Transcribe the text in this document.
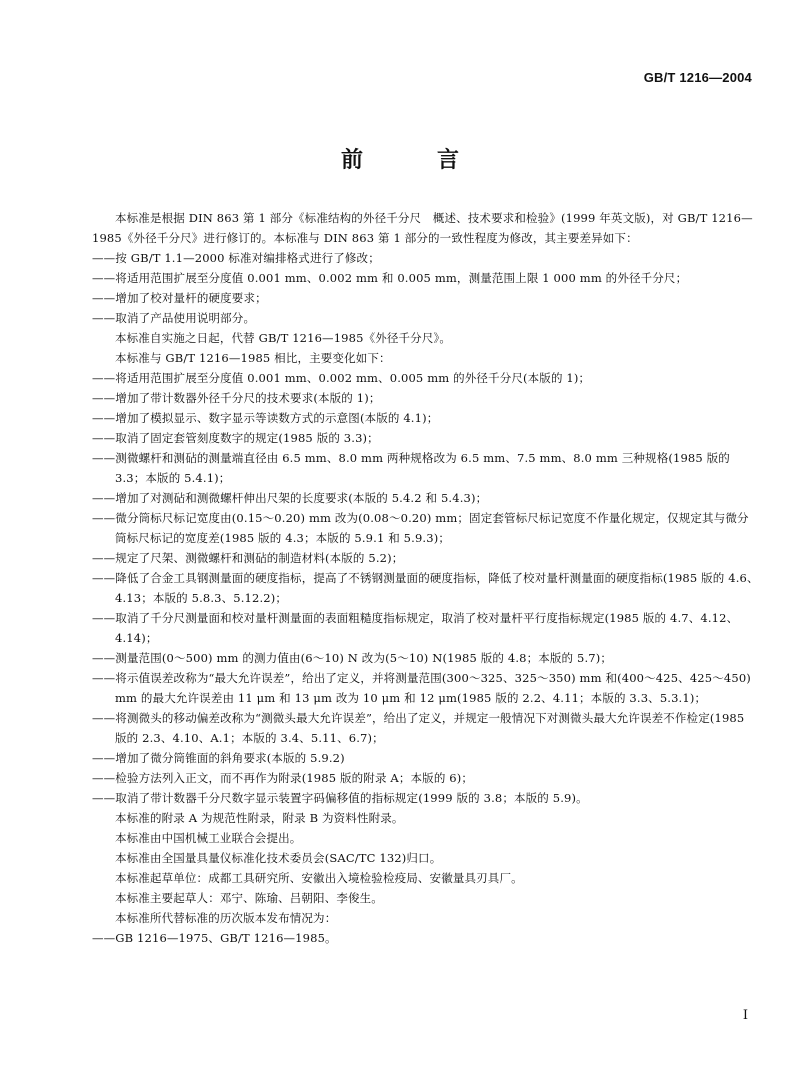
GB/T 1216—2004
前　言

本标准是根据 DIN 863 第 1 部分《标准结构的外径千分尺　概述、技术要求和检验》(1999 年英文版)，对 GB/T 1216—1985《外径千分尺》进行修订的。本标准与 DIN 863 第 1 部分的一致性程度为修改，其主要差异如下：

——按 GB/T 1.1—2000 标准对编排格式进行了修改；

——将适用范围扩展至分度值 0.001 mm、0.002 mm 和 0.005 mm，测量范围上限 1 000 mm 的外径千分尺；

——增加了校对量杆的硬度要求；

——取消了产品使用说明部分。

本标准自实施之日起，代替 GB/T 1216—1985《外径千分尺》。

本标准与 GB/T 1216—1985 相比，主要变化如下：

——将适用范围扩展至分度值 0.001 mm、0.002 mm、0.005 mm 的外径千分尺(本版的 1)；

——增加了带计数器外径千分尺的技术要求(本版的 1)；

——增加了模拟显示、数字显示等读数方式的示意图(本版的 4.1)；

——取消了固定套管刻度数字的规定(1985 版的 3.3)；

——测微螺杆和测砧的测量端直径由 6.5 mm、8.0 mm 两种规格改为 6.5 mm、7.5 mm、8.0 mm 三种规格(1985 版的 3.3；本版的 5.4.1)；

——增加了对测砧和测微螺杆伸出尺架的长度要求(本版的 5.4.2 和 5.4.3)；

——微分筒标尺标记宽度由(0.15～0.20) mm 改为(0.08～0.20) mm；固定套管标尺标记宽度不作量化规定，仅规定其与微分筒标尺标记的宽度差(1985 版的 4.3；本版的 5.9.1 和 5.9.3)；

——规定了尺架、测微螺杆和测砧的制造材料(本版的 5.2)；

——降低了合金工具钢测量面的硬度指标，提高了不锈钢测量面的硬度指标，降低了校对量杆测量面的硬度指标(1985 版的 4.6、4.13；本版的 5.8.3、5.12.2)；

——取消了千分尺测量面和校对量杆测量面的表面粗糙度指标规定，取消了校对量杆平行度指标规定(1985 版的 4.7、4.12、4.14)；

——测量范围(0～500) mm 的测力值由(6～10) N 改为(5～10) N(1985 版的 4.8；本版的 5.7)；

——将示值误差改称为“最大允许误差”，给出了定义，并将测量范围(300～325、325～350) mm 和(400～425、425～450) mm 的最大允许误差由 11 μm 和 13 μm 改为 10 μm 和 12 μm(1985 版的 2.2、4.11；本版的 3.3、5.3.1)；

——将测微头的移动偏差改称为“测微头最大允许误差”，给出了定义，并规定一般情况下对测微头最大允许误差不作检定(1985 版的 2.3、4.10、A.1；本版的 3.4、5.11、6.7)；

——增加了微分筒锥面的斜角要求(本版的 5.9.2)

——检验方法列入正文，而不再作为附录(1985 版的附录 A；本版的 6)；

——取消了带计数器千分尺数字显示装置字码偏移值的指标规定(1999 版的 3.8；本版的 5.9)。

本标准的附录 A 为规范性附录，附录 B 为资料性附录。

本标准由中国机械工业联合会提出。

本标准由全国量具量仪标准化技术委员会(SAC/TC 132)归口。

本标准起草单位：成都工具研究所、安徽出入境检验检疫局、安徽量具刃具厂。

本标准主要起草人：邓宁、陈瑜、吕朝阳、李俊生。

本标准所代替标准的历次版本发布情况为：

——GB 1216—1975、GB/T 1216—1985。

I
